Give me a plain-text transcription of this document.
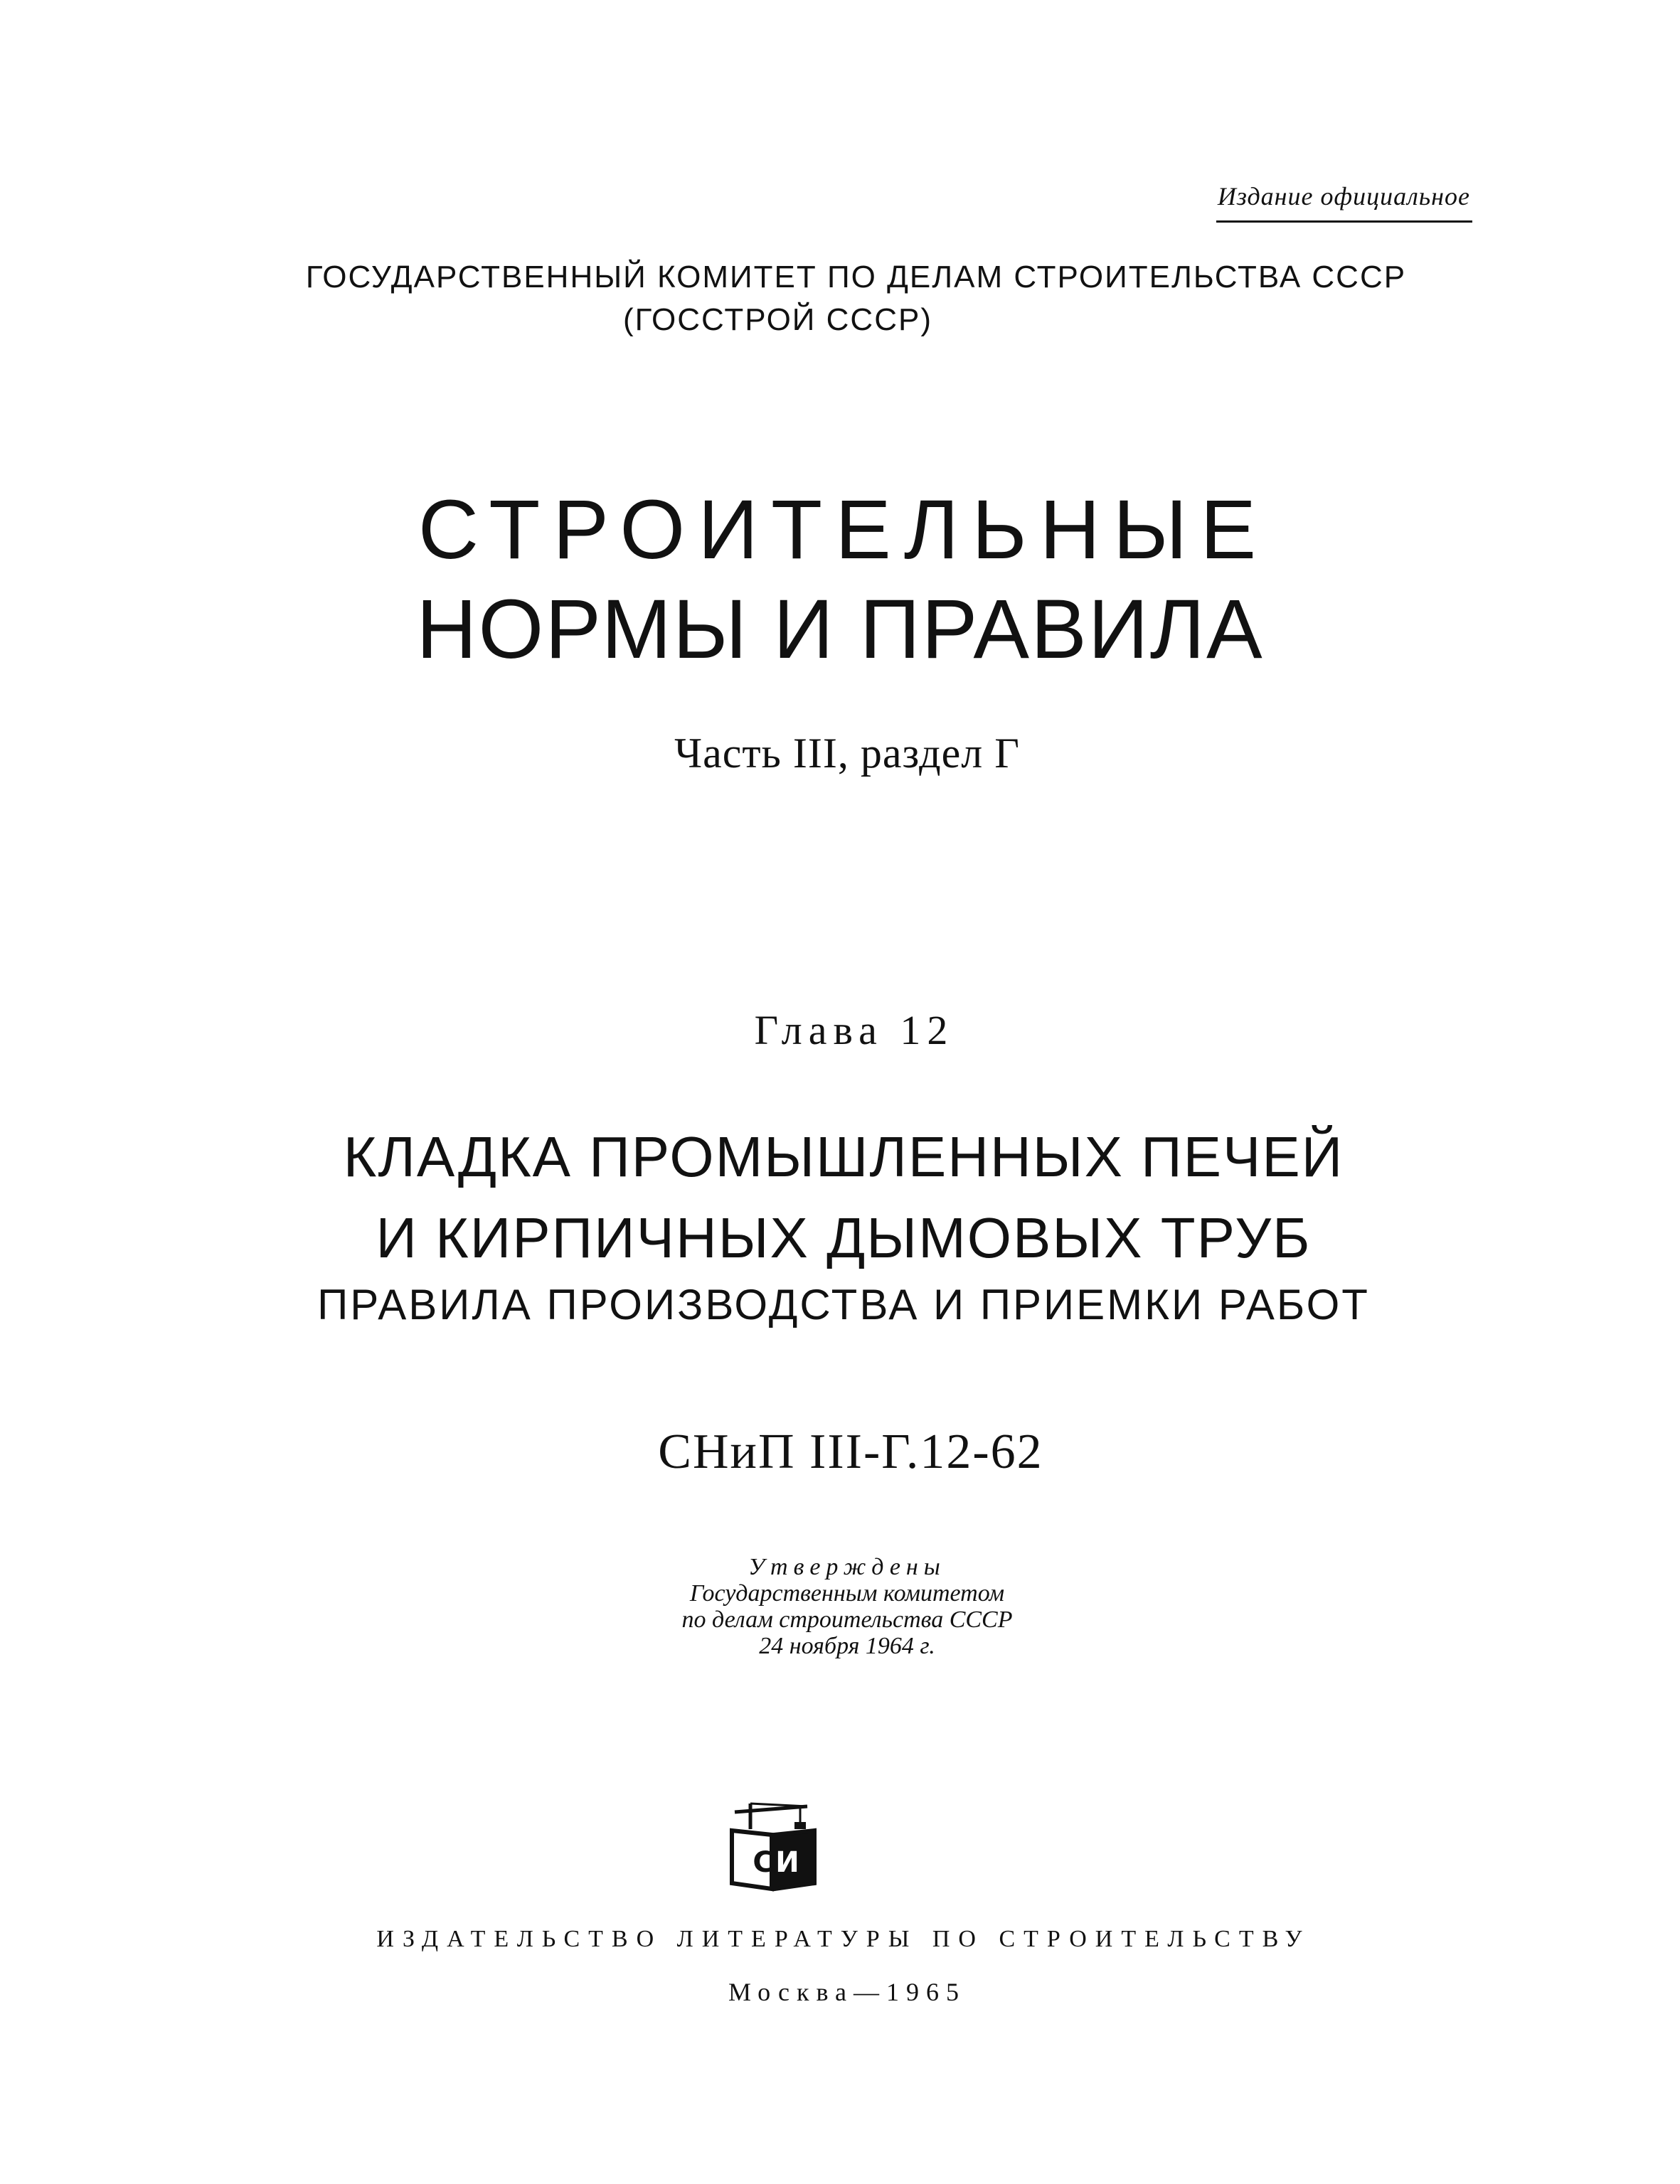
Издание официальное
ГОСУДАРСТВЕННЫЙ КОМИТЕТ ПО ДЕЛАМ СТРОИТЕЛЬСТВА СССР
(ГОССТРОЙ СССР)
СТРОИТЕЛЬНЫЕ
НОРМЫ И ПРАВИЛА
Часть III, раздел Г
Глава 12
КЛАДКА ПРОМЫШЛЕННЫХ ПЕЧЕЙ
И КИРПИЧНЫХ ДЫМОВЫХ ТРУБ
ПРАВИЛА ПРОИЗВОДСТВА И ПРИЕМКИ РАБОТ
СНиП III-Г.12-62
Утверждены
Государственным комитетом
по делам строительства СССР
24 ноября 1964 г.
С И
ИЗДАТЕЛЬСТВО ЛИТЕРАТУРЫ ПО СТРОИТЕЛЬСТВУ
Москва—1965
